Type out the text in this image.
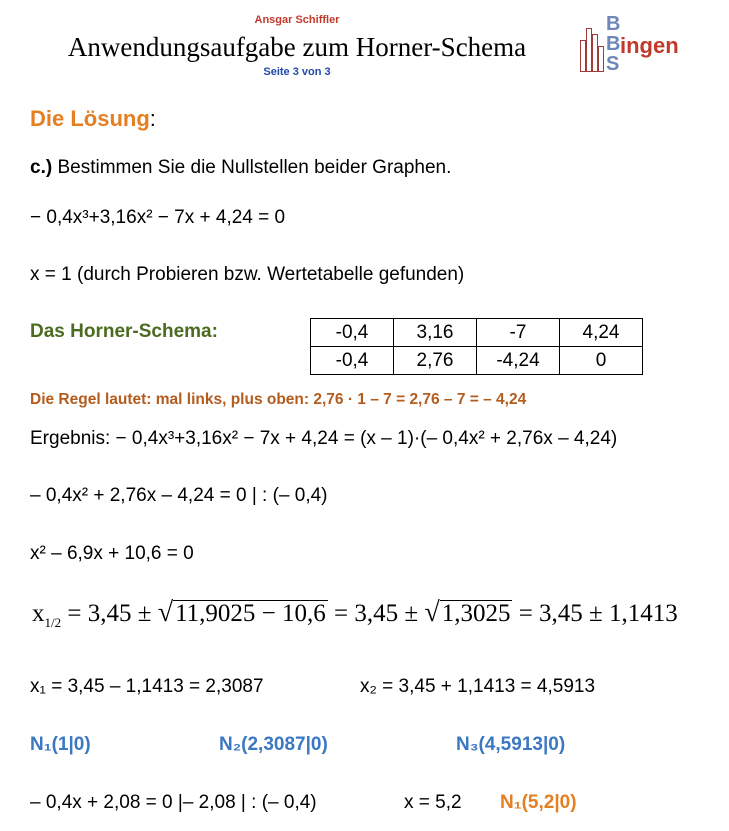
Ansgar Schiffler
Anwendungsaufgabe zum Horner-Schema
Seite 3 von 3
B
B
S
ingen
Die Lösung:
c.) Bestimmen Sie die Nullstellen beider Graphen.
− 0,4x³+3,16x² − 7x + 4,24 = 0
x = 1 (durch Probieren bzw. Wertetabelle gefunden)
Das Horner-Schema:	-0,4	3,16	-7	4,24
-0,4	2,76	-4,24	0
Die Regel lautet: mal links, plus oben: 2,76 · 1 – 7 = 2,76 – 7 = – 4,24
Ergebnis: − 0,4x³+3,16x² − 7x + 4,24 = (x – 1)·(– 0,4x² + 2,76x – 4,24)
– 0,4x² + 2,76x – 4,24 = 0 | : (– 0,4)
x² – 6,9x + 10,6 = 0
$x_{1/2} = 3,45$ ± √ 11,9025 − 10,6 = 3,45 ± √ 1,3025 = 3,45 ± 1,1413
x₁ = 3,45 – 1,1413 = 2,3087	x₂ = 3,45 + 1,1413 = 4,5913
N₁(1|0)	N₂(2,3087|0)	N₃(4,5913|0)
– 0,4x + 2,08 = 0 |– 2,08 | : (– 0,4)	x = 5,2 N₁(5,2|0)
